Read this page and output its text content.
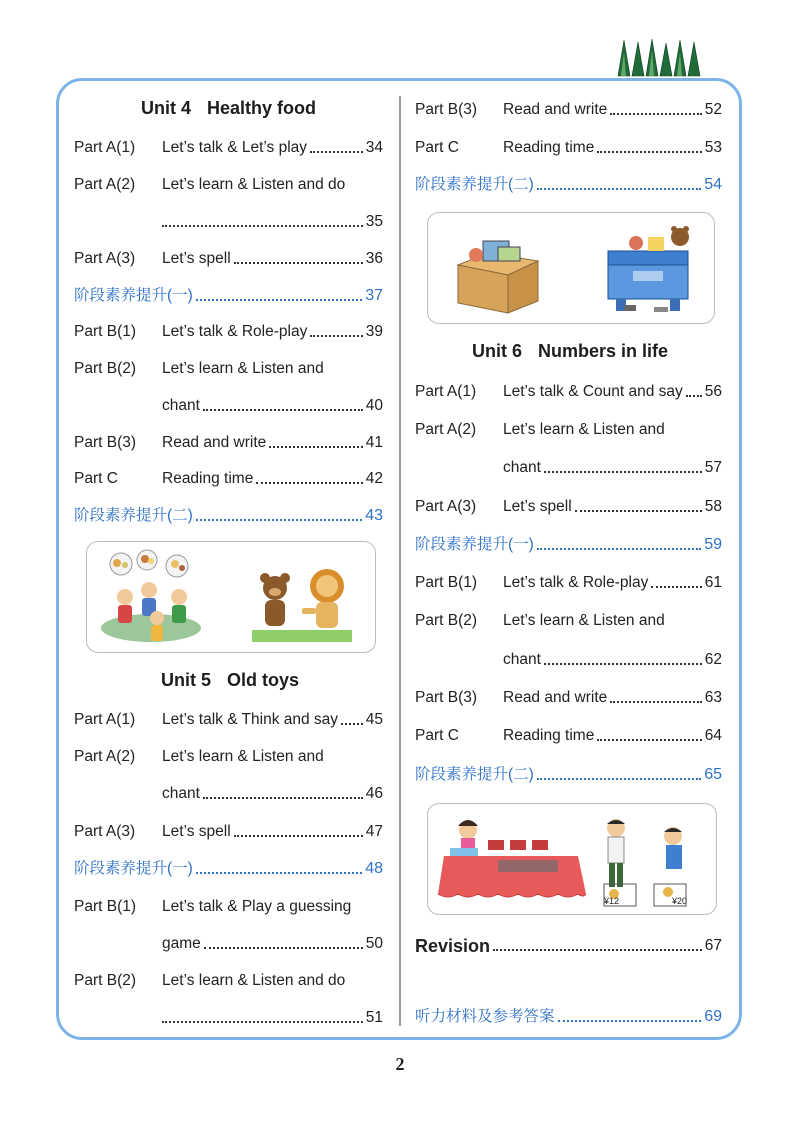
Unit 4 Healthy food
Part A(1)	Let’s talk & Let’s play	34
Part A(2)	Let’s learn & Listen and do
35
Part A(3)	Let’s spell	36
阶段素养提升(一)	37
Part B(1)	Let’s talk & Role-play	39
Part B(2)	Let’s learn & Listen and
chant	40
Part B(3)	Read and write	41
Part C	Reading time	42
阶段素养提升(二)	43
Unit 5 Old toys
Part A(1)	Let’s talk & Think and say 45
Part A(2)	Let’s learn & Listen and
chant	46
Part A(3)	Let’s spell	47
阶段素养提升(一)	48
Part B(1)	Let’s talk & Play a guessing
game	50
Part B(2)	Let’s learn & Listen and do
51
Part B(3)	Read and write	52
Part C	Reading time	53
阶段素养提升(二)	54
Unit 6 Numbers in life
Part A(1)	Let’s talk & Count and say 56
Part A(2)	Let’s learn & Listen and
chant	57
Part A(3)	Let’s spell	58
阶段素养提升(一)	59
Part B(1)	Let’s talk & Role-play	61
Part B(2)	Let’s learn & Listen and
chant	62
Part B(3)	Read and write	63
Part C	Reading time	64
阶段素养提升(二)	65
¥12	¥20
Revision	67
听力材料及参考答案	69
2
